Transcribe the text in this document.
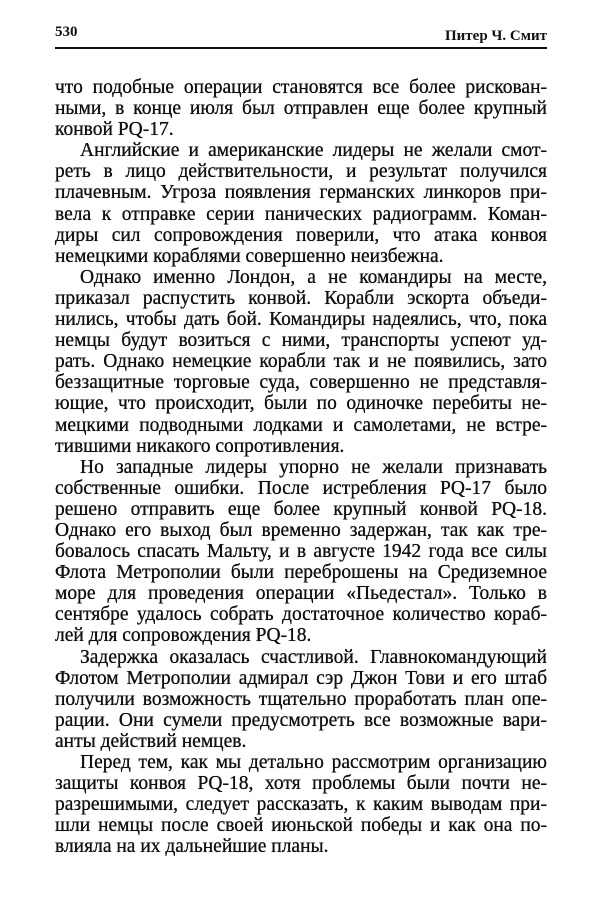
530	Питер Ч. Смит
что подобные операции становятся все более рискован-
ными, в конце июля был отправлен еще более крупный
конвой PQ-17.
Английские и американские лидеры не желали смот-
реть в лицо действительности, и результат получился
плачевным. Угроза появления германских линкоров при-
вела к отправке серии панических радиограмм. Коман-
диры сил сопровождения поверили, что атака конвоя
немецкими кораблями совершенно неизбежна.
Однако именно Лондон, а не командиры на месте,
приказал распустить конвой. Корабли эскорта объеди-
нились, чтобы дать бой. Командиры надеялись, что, пока
немцы будут возиться с ними, транспорты успеют уд-
рать. Однако немецкие корабли так и не появились, зато
беззащитные торговые суда, совершенно не представля-
ющие, что происходит, были по одиночке перебиты не-
мецкими подводными лодками и самолетами, не встре-
тившими никакого сопротивления.
Но западные лидеры упорно не желали признавать
собственные ошибки. После истребления PQ-17 было
решено отправить еще более крупный конвой PQ-18.
Однако его выход был временно задержан, так как тре-
бовалось спасать Мальту, и в августе 1942 года все силы
Флота Метрополии были переброшены на Средиземное
море для проведения операции «Пьедестал». Только в
сентябре удалось собрать достаточное количество кораб-
лей для сопровождения PQ-18.
Задержка оказалась счастливой. Главнокомандующий
Флотом Метрополии адмирал сэр Джон Тови и его штаб
получили возможность тщательно проработать план опе-
рации. Они сумели предусмотреть все возможные вари-
анты действий немцев.
Перед тем, как мы детально рассмотрим организацию
защиты конвоя PQ-18, хотя проблемы были почти не-
разрешимыми, следует рассказать, к каким выводам при-
шли немцы после своей июньской победы и как она по-
влияла на их дальнейшие планы.
